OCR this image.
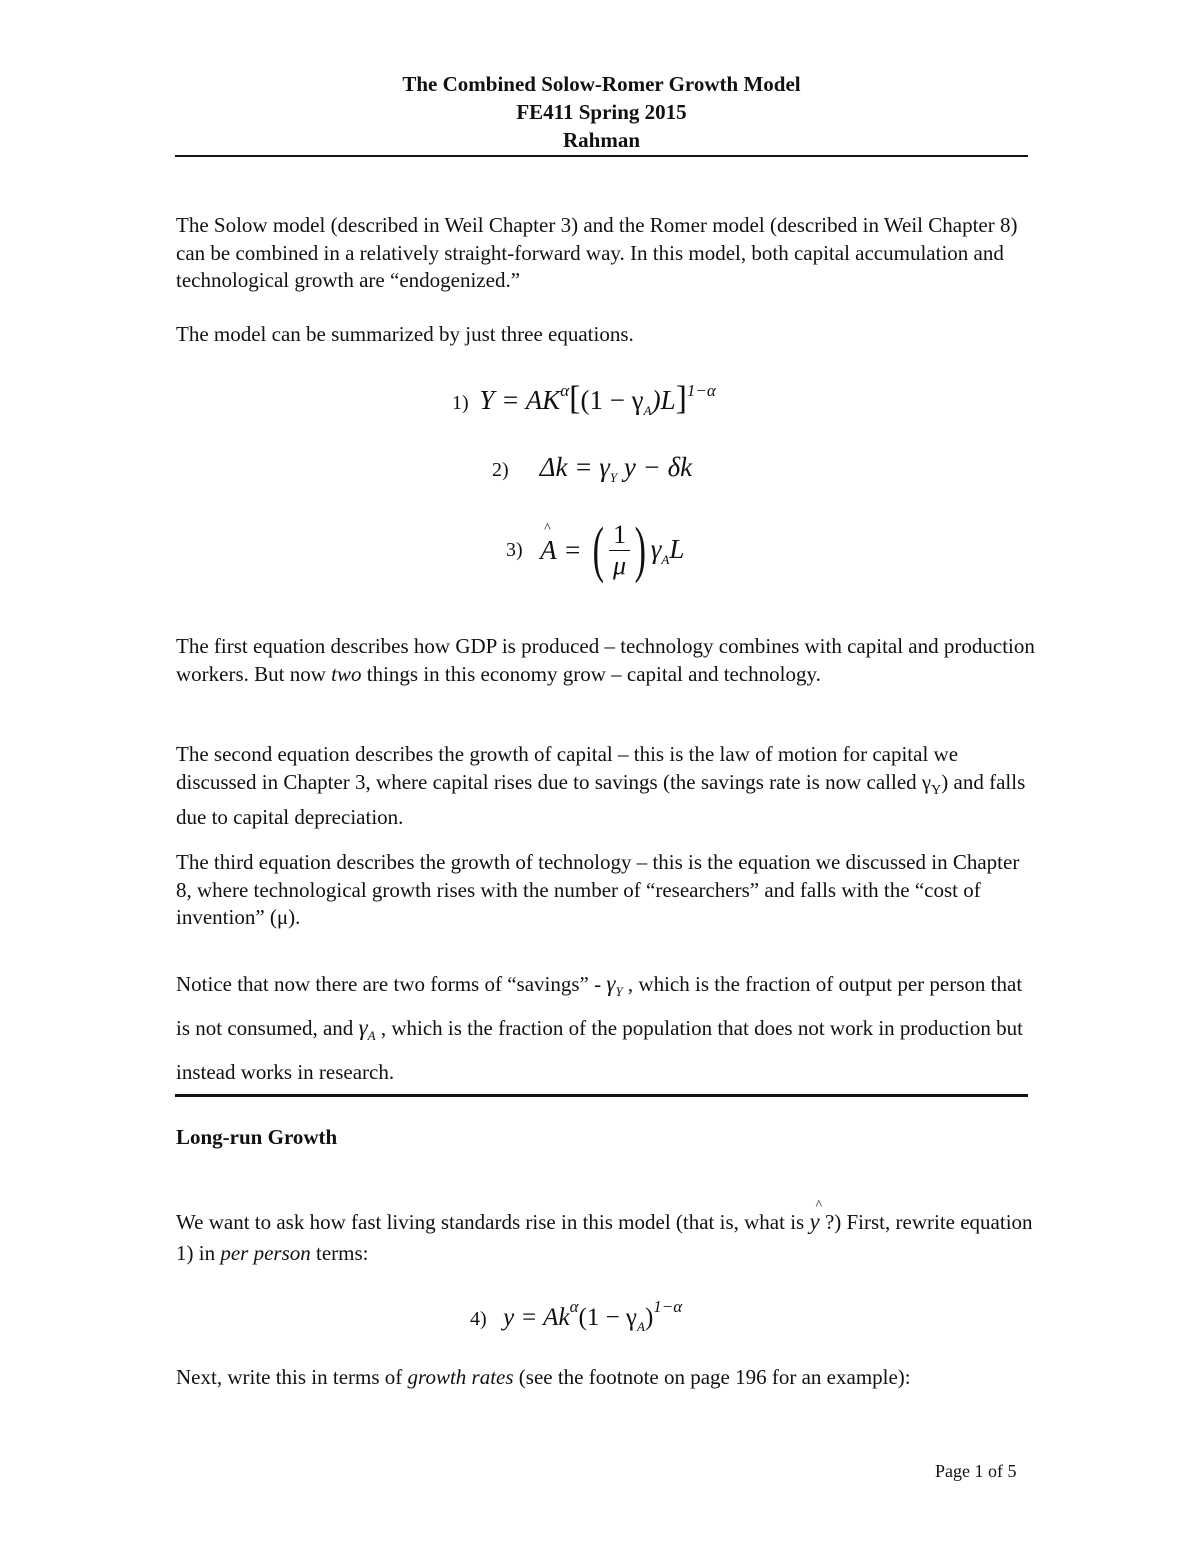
The Combined Solow-Romer Growth Model
FE411 Spring 2015
Rahman

The Solow model (described in Weil Chapter 3) and the Romer model (described in Weil Chapter 8) can be combined in a relatively straight-forward way. In this model, both capital accumulation and technological growth are “endogenized.”

The model can be summarized by just three equations.

1) $Y = AK^\alpha[(1 - \gamma_A)L]^{1-\alpha}$
2) $\Delta k = \gamma_Y$ y − δk
3)
^
A = ( $\frac{1}{\mu}$ ) $\gamma_AL$

The first equation describes how GDP is produced – technology combines with capital and production workers. But now two things in this economy grow – capital and technology.

The second equation describes the growth of capital – this is the law of motion for capital we discussed in Chapter 3, where capital rises due to savings (the savings rate is now called $\gamma_Y$) and falls due to capital depreciation.

The third equation describes the growth of technology – this is the equation we discussed in Chapter 8, where technological growth rises with the number of “researchers” and falls with the “cost of invention” (μ).

Notice that now there are two forms of “savings” - $\gamma_Y$ , which is the fraction of output per person that is not consumed, and $\gamma_A$ , which is the fraction of the population that does not work in production but instead works in research.

Long-run Growth

We want to ask how fast living standards rise in this model (that is, what is
^
y ?) First, rewrite equation 1) in per person terms:

4) $y = Ak^\alpha(1 - \gamma_A)^{1-\alpha}$

Next, write this in terms of growth rates (see the footnote on page 196 for an example):

Page 1 of 5
